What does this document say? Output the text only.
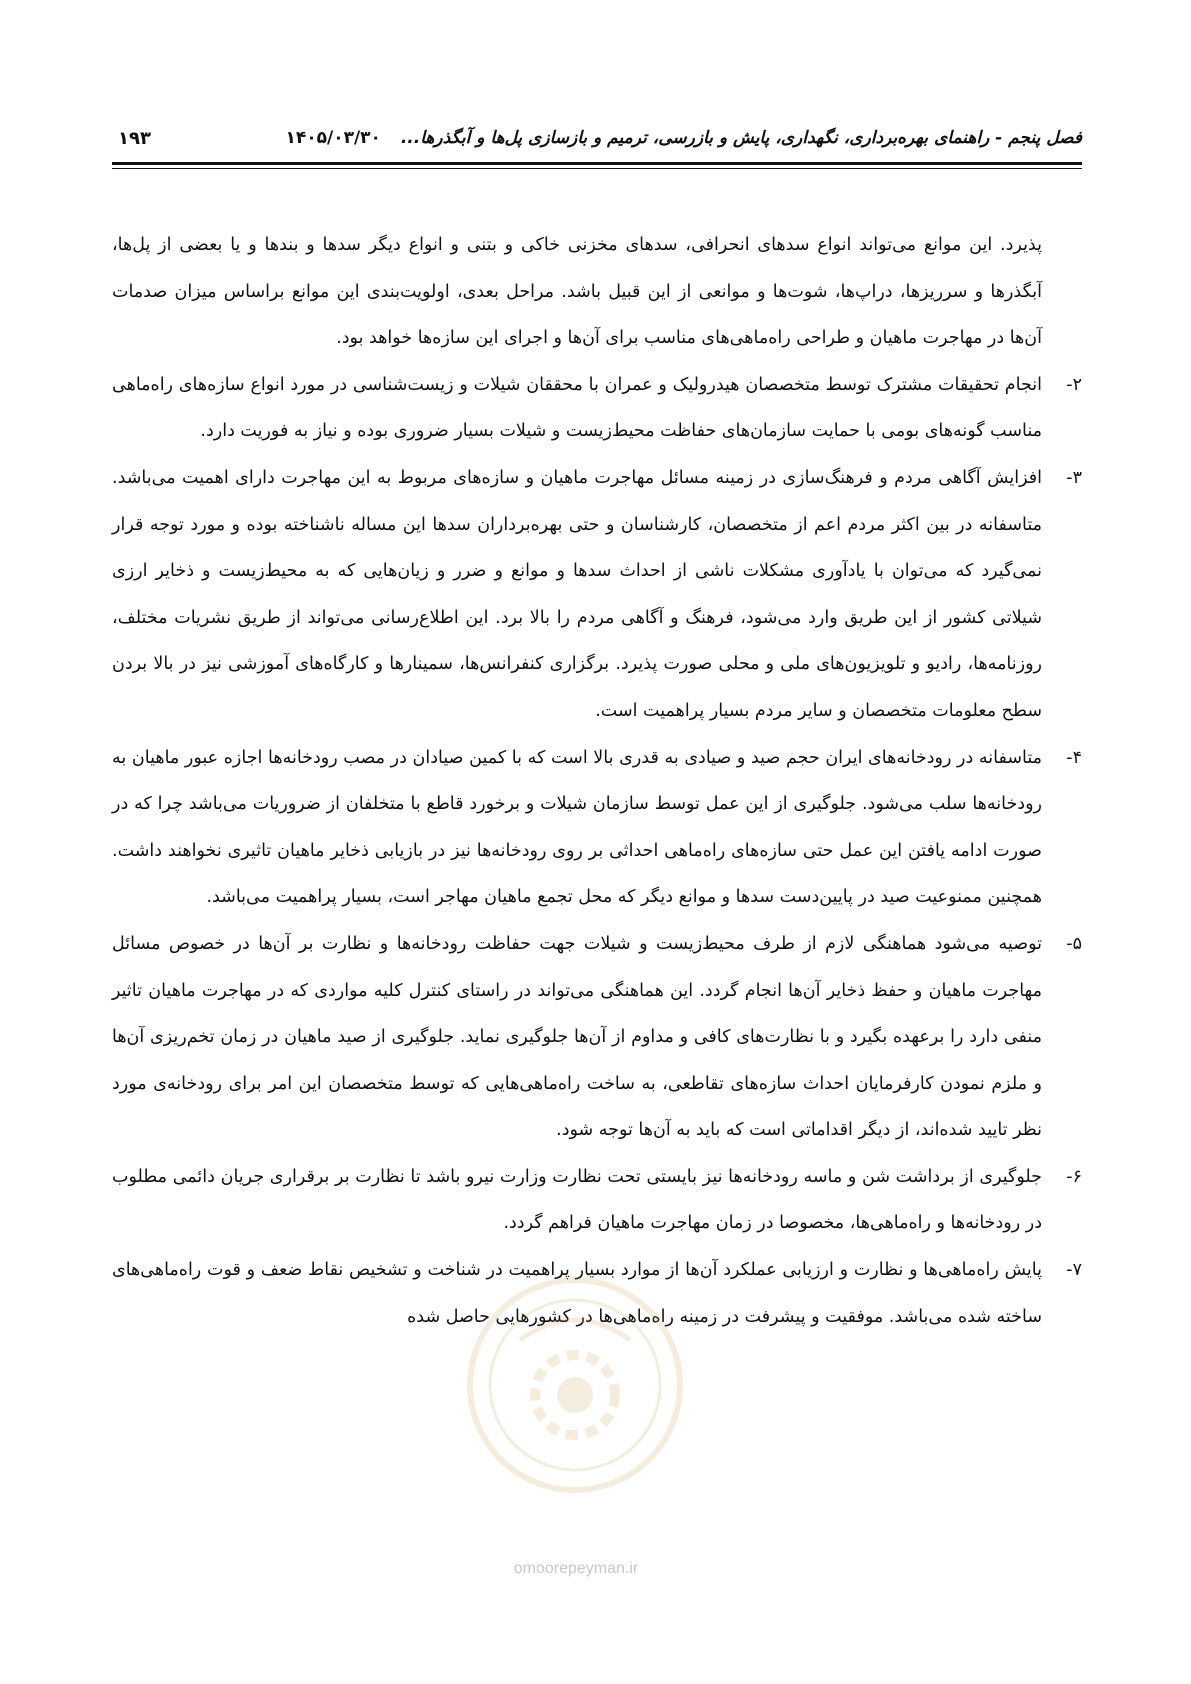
فصل پنجم - راهنمای بهره‌برداری، نگهداری، پایش و بازرسی، ترمیم و بازسازی پل‌ها و آبگذرها... ۱۴۰۵/۰۳/۳۰
۱۹۳

پذیرد. این موانع می‌تواند انواع سدهای انحرافی، سدهای مخزنی خاکی و بتنی و انواع دیگر سدها و بندها و یا بعضی از پل‌ها، آبگذرها و سرریزها، دراپ‌ها، شوت‌ها و موانعی از این قبیل باشد. مراحل بعدی، اولویت‌بندی این موانع براساس میزان صدمات آن‌ها در مهاجرت ماهیان و طراحی راه‌ماهی‌های مناسب برای آن‌ها و اجرای این سازه‌ها خواهد بود.

۲-

انجام تحقیقات مشترک توسط متخصصان هیدرولیک و عمران با محققان شیلات و زیست‌شناسی در مورد انواع سازه‌های راه‌ماهی مناسب گونه‌های بومی با حمایت سازمان‌های حفاظت محیط‌زیست و شیلات بسیار ضروری بوده و نیاز به فوریت دارد.

۳-

افزایش آگاهی مردم و فرهنگ‌سازی در زمینه مسائل مهاجرت ماهیان و سازه‌های مربوط به این مهاجرت دارای اهمیت می‌باشد. متاسفانه در بین اکثر مردم اعم از متخصصان، کارشناسان و حتی بهره‌برداران سدها این مساله ناشناخته بوده و مورد توجه قرار نمی‌گیرد که می‌توان با یادآوری مشکلات ناشی از احداث سدها و موانع و ضرر و زیان‌هایی که به محیط‌زیست و ذخایر ارزی شیلاتی کشور از این طریق وارد می‌شود، فرهنگ و آگاهی مردم را بالا برد. این اطلاع‌رسانی می‌تواند از طریق نشریات مختلف، روزنامه‌ها، رادیو و تلویزیون‌های ملی و محلی صورت پذیرد. برگزاری کنفرانس‌ها، سمینارها و کارگاه‌های آموزشی نیز در بالا بردن سطح معلومات متخصصان و سایر مردم بسیار پراهمیت است.

۴-

متاسفانه در رودخانه‌های ایران حجم صید و صیادی به قدری بالا است که با کمین صیادان در مصب رودخانه‌ها اجازه عبور ماهیان به رودخانه‌ها سلب می‌شود. جلوگیری از این عمل توسط سازمان شیلات و برخورد قاطع با متخلفان از ضروریات می‌باشد چرا که در صورت ادامه یافتن این عمل حتی سازه‌های راه‌ماهی احداثی بر روی رودخانه‌ها نیز در بازیابی ذخایر ماهیان تاثیری نخواهند داشت. همچنین ممنوعیت صید در پایین‌دست سدها و موانع دیگر که محل تجمع ماهیان مهاجر است، بسیار پراهمیت می‌باشد.

۵-

توصیه می‌شود هماهنگی لازم از طرف محیط‌زیست و شیلات جهت حفاظت رودخانه‌ها و نظارت بر آن‌ها در خصوص مسائل مهاجرت ماهیان و حفظ ذخایر آن‌ها انجام گردد. این هماهنگی می‌تواند در راستای کنترل کلیه مواردی که در مهاجرت ماهیان تاثیر منفی دارد را برعهده بگیرد و با نظارت‌های کافی و مداوم از آن‌ها جلوگیری نماید. جلوگیری از صید ماهیان در زمان تخم‌ریزی آن‌ها و ملزم نمودن کارفرمایان احداث سازه‌های تقاطعی، به ساخت راه‌ماهی‌هایی که توسط متخصصان این امر برای رودخانه‌ی مورد نظر تایید شده‌اند، از دیگر اقداماتی است که باید به آن‌ها توجه شود.

۶-

جلوگیری از برداشت شن و ماسه رودخانه‌ها نیز بایستی تحت نظارت وزارت نیرو باشد تا نظارت بر برقراری جریان دائمی مطلوب در رودخانه‌ها و راه‌ماهی‌ها، مخصوصا در زمان مهاجرت ماهیان فراهم گردد.

۷-

پایش راه‌ماهی‌ها و نظارت و ارزیابی عملکرد آن‌ها از موارد بسیار پراهمیت در شناخت و تشخیص نقاط ضعف و قوت راه‌ماهی‌های ساخته شده می‌باشد. موفقیت و پیشرفت در زمینه راه‌ماهی‌ها در کشورهایی حاصل شده

omoorepeyman.ir
